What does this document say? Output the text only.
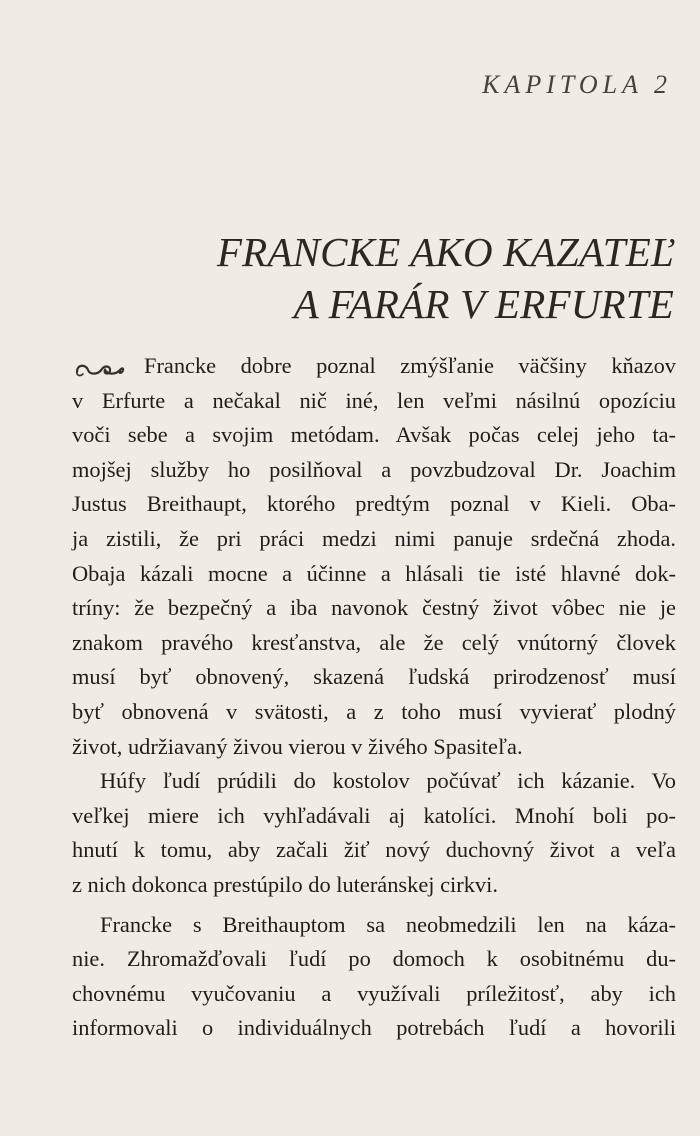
KAPITOLA 2
FRANCKE AKO KAZATEĽ
A FARÁR V ERFURTE
Francke dobre poznal zmýšľanie väčšiny kňazov
v Erfurte a nečakal nič iné, len veľmi násilnú opozíciu
voči sebe a svojim metódam. Avšak počas celej jeho ta-
mojšej služby ho posilňoval a povzbudzoval Dr. Joachim
Justus Breithaupt, ktorého predtým poznal v Kieli. Oba-
ja zistili, že pri práci medzi nimi panuje srdečná zhoda.
Obaja kázali mocne a účinne a hlásali tie isté hlavné dok-
tríny: že bezpečný a iba navonok čestný život vôbec nie je
znakom pravého kresťanstva, ale že celý vnútorný človek
musí byť obnovený, skazená ľudská prirodzenosť musí
byť obnovená v svätosti, a z toho musí vyvierať plodný
život, udržiavaný živou vierou v živého Spasiteľa.
Húfy ľudí prúdili do kostolov počúvať ich kázanie. Vo
veľkej miere ich vyhľadávali aj katolíci. Mnohí boli po-
hnutí k tomu, aby začali žiť nový duchovný život a veľa
z nich dokonca prestúpilo do luteránskej cirkvi.
Francke s Breithauptom sa neobmedzili len na káza-
nie. Zhromažďovali ľudí po domoch k osobitnému du-
chovnému vyučovaniu a využívali príležitosť, aby ich
informovali o individuálnych potrebách ľudí a hovorili
